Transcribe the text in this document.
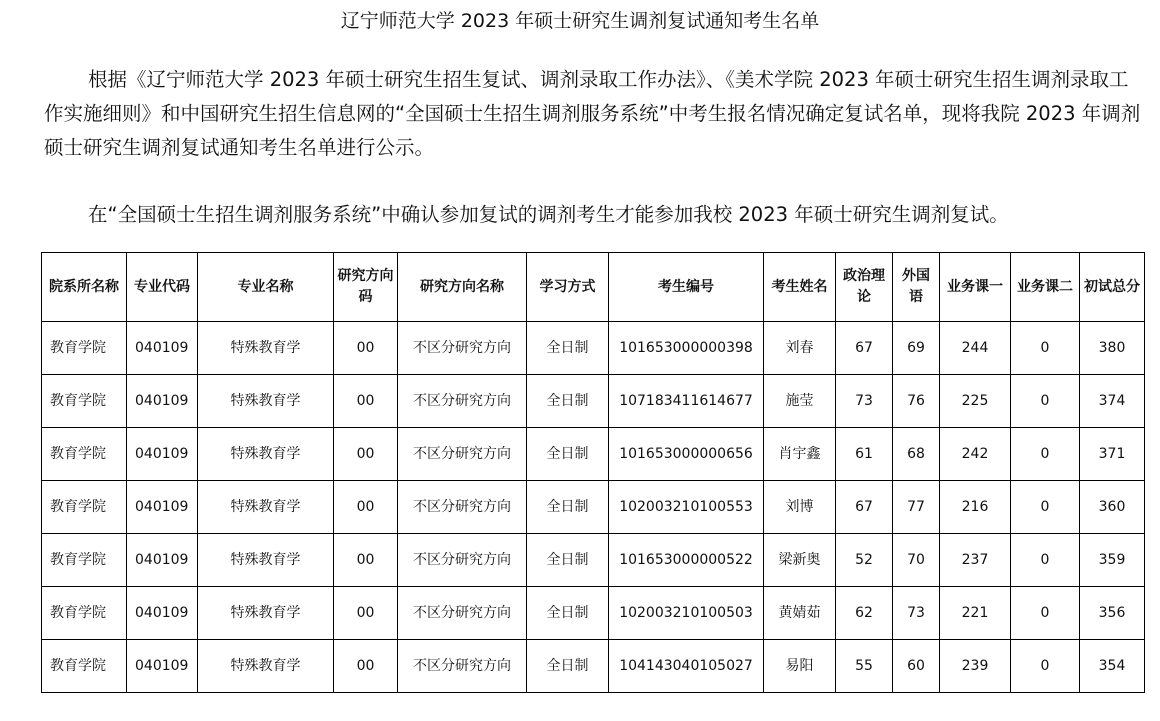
辽宁师范大学 2023 年硕士研究生调剂复试通知考生名单
根据《辽宁师范大学 2023 年硕士研究生招生复试、调剂录取工作办法》、《美术学院 2023 年硕士研究生招生调剂录取工作实施细则》和中国研究生招生信息网的“全国硕士生招生调剂服务系统”中考生报名情况确定复试名单，现将我院 2023 年调剂硕士研究生调剂复试通知考生名单进行公示。
在“全国硕士生招生调剂服务系统”中确认参加复试的调剂考生才能参加我校 2023 年硕士研究生调剂复试。
院系所名称	专业代码	专业名称	研究方向码	研究方向名称	学习方式	考生编号	考生姓名	政治理论	外国语	业务课一	业务课二	初试总分
教育学院	040109	特殊教育学	00	不区分研究方向	全日制	101653000000398	刘春	67	69	244	0	380
教育学院	040109	特殊教育学	00	不区分研究方向	全日制	107183411614677	施莹	73	76	225	0	374
教育学院	040109	特殊教育学	00	不区分研究方向	全日制	101653000000656	肖宇鑫	61	68	242	0	371
教育学院	040109	特殊教育学	00	不区分研究方向	全日制	102003210100553	刘博	67	77	216	0	360
教育学院	040109	特殊教育学	00	不区分研究方向	全日制	101653000000522	梁新奥	52	70	237	0	359
教育学院	040109	特殊教育学	00	不区分研究方向	全日制	102003210100503	黄婧茹	62	73	221	0	356
教育学院	040109	特殊教育学	00	不区分研究方向	全日制	104143040105027	易阳	55	60	239	0	354
